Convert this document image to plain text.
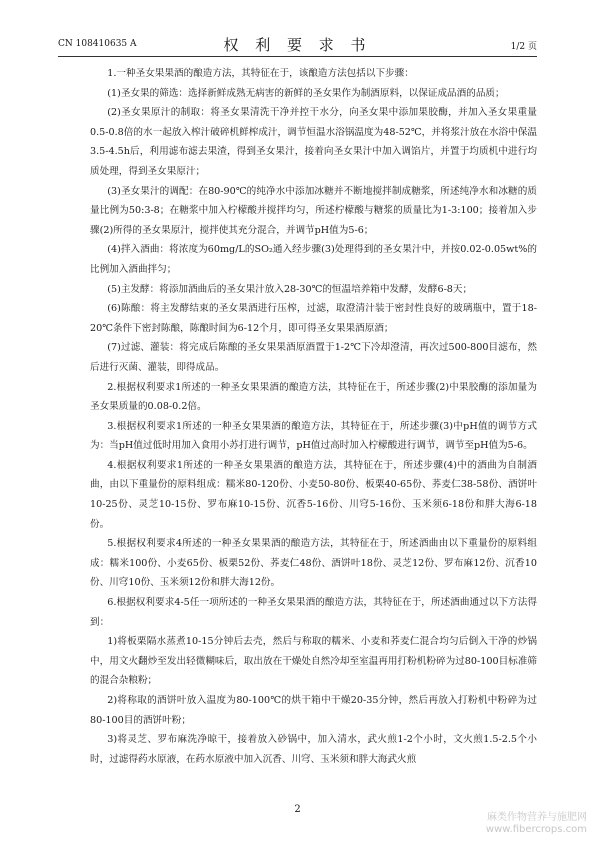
CN 108410635 A	权 利 要 求 书	1/2 页

1.一种圣女果果酒的酿造方法，其特征在于，该酿造方法包括以下步骤：

(1)圣女果的筛选：选择新鲜成熟无病害的新鲜的圣女果作为制酒原料，以保证成品酒的品质；

(2)圣女果原汁的制取：将圣女果清洗干净并控干水分，向圣女果中添加果胶酶，并加入圣女果重量0.5-0.8倍的水一起放入榨汁破碎机鲜榨成汁，调节恒温水浴锅温度为48-52℃，并将浆汁放在水浴中保温3.5-4.5h后，利用滤布滤去果渣，得到圣女果汁，接着向圣女果汁中加入调馅片，并置于均质机中进行均质处理，得到圣女果原汁；

(3)圣女果汁的调配：在80-90℃的纯净水中添加冰糖并不断地搅拌制成糖浆，所述纯净水和冰糖的质量比例为50:3-8；在糖浆中加入柠檬酸并搅拌均匀，所述柠檬酸与糖浆的质量比为1-3:100；接着加入步骤(2)所得的圣女果原汁，搅拌使其充分混合，并调节pH值为5-6；

(4)拌入酒曲：将浓度为60mg/L的SO₂通入经步骤(3)处理得到的圣女果汁中，并按0.02-0.05wt%的比例加入酒曲拌匀；

(5)主发酵：将添加酒曲后的圣女果汁放入28-30℃的恒温培养箱中发酵，发酵6-8天；

(6)陈酿：将主发酵结束的圣女果酒进行压榨，过滤，取澄清汁装于密封性良好的玻璃瓶中，置于18-20℃条件下密封陈酿，陈酿时间为6-12个月，即可得圣女果果酒原酒；

(7)过滤、灌装：将完成后陈酿的圣女果果酒原酒置于1-2℃下冷却澄清，再次过500-800目滤布，然后进行灭菌、灌装，即得成品。

2.根据权利要求1所述的一种圣女果果酒的酿造方法，其特征在于，所述步骤(2)中果胶酶的添加量为圣女果质量的0.08-0.2倍。

3.根据权利要求1所述的一种圣女果果酒的酿造方法，其特征在于，所述步骤(3)中pH值的调节方式为：当pH值过低时用加入食用小苏打进行调节，pH值过高时加入柠檬酸进行调节，调节至pH值为5-6。

4.根据权利要求1所述的一种圣女果果酒的酿造方法，其特征在于，所述步骤(4)中的酒曲为自制酒曲，由以下重量份的原料组成：糯米80-120份、小麦50-80份、板栗40-65份、荞麦仁38-58份、酒饼叶10-25份、灵芝10-15份、罗布麻10-15份、沉香5-16份、川穹5-16份、玉米须6-18份和胖大海6-18份。

5.根据权利要求4所述的一种圣女果果酒的酿造方法，其特征在于，所述酒曲由以下重量份的原料组成：糯米100份、小麦65份、板栗52份、荞麦仁48份、酒饼叶18份、灵芝12份、罗布麻12份、沉香10份、川穹10份、玉米须12份和胖大海12份。

6.根据权利要求4-5任一项所述的一种圣女果果酒的酿造方法，其特征在于，所述酒曲通过以下方法得到：

1)将板栗隔水蒸煮10-15分钟后去壳，然后与称取的糯米、小麦和荞麦仁混合均匀后倒入干净的炒锅中，用文火翻炒至发出轻微糊味后，取出放在干燥处自然冷却至室温再用打粉机粉碎为过80-100目标准筛的混合杂粮粉；

2)将称取的酒饼叶放入温度为80-100℃的烘干箱中干燥20-35分钟，然后再放入打粉机中粉碎为过80-100目的酒饼叶粉；

3)将灵芝、罗布麻洗净晾干，接着放入砂锅中，加入清水，武火煎1-2个小时，文火煎1.5-2.5个小时，过滤得药水原液，在药水原液中加入沉香、川穹、玉米须和胖大海武火煎

2
麻类作物营养与施肥网
www.fibercrops.com
